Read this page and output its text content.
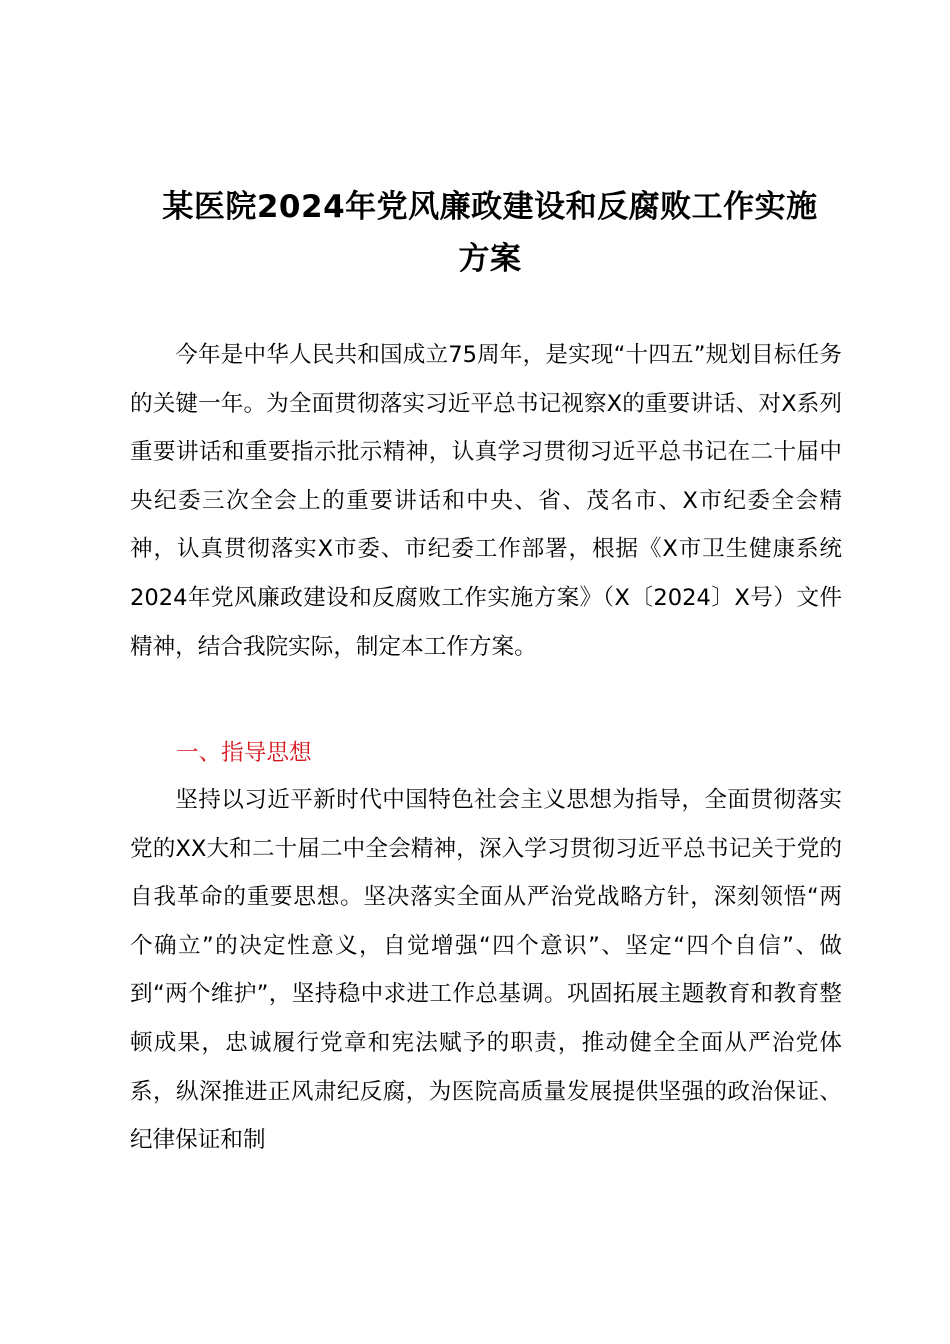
某医院2024年党风廉政建设和反腐败工作实施
方案

今年是中华人民共和国成立75周年，是实现“十四五”规划目标任务的关键一年。为全面贯彻落实习近平总书记视察X的重要讲话、对X系列重要讲话和重要指示批示精神，认真学习贯彻习近平总书记在二十届中央纪委三次全会上的重要讲话和中央、省、茂名市、X市纪委全会精神，认真贯彻落实X市委、市纪委工作部署，根据《X市卫生健康系统2024年党风廉政建设和反腐败工作实施方案》（X〔2024〕X号）文件精神，结合我院实际，制定本工作方案。

一、指导思想

坚持以习近平新时代中国特色社会主义思想为指导，全面贯彻落实党的XX大和二十届二中全会精神，深入学习贯彻习近平总书记关于党的自我革命的重要思想。坚决落实全面从严治党战略方针，深刻领悟“两个确立”的决定性意义，自觉增强“四个意识”、坚定“四个自信”、做到“两个维护”，坚持稳中求进工作总基调。巩固拓展主题教育和教育整顿成果，忠诚履行党章和宪法赋予的职责，推动健全全面从严治党体系，纵深推进正风肃纪反腐，为医院高质量发展提供坚强的政治保证、纪律保证和制
